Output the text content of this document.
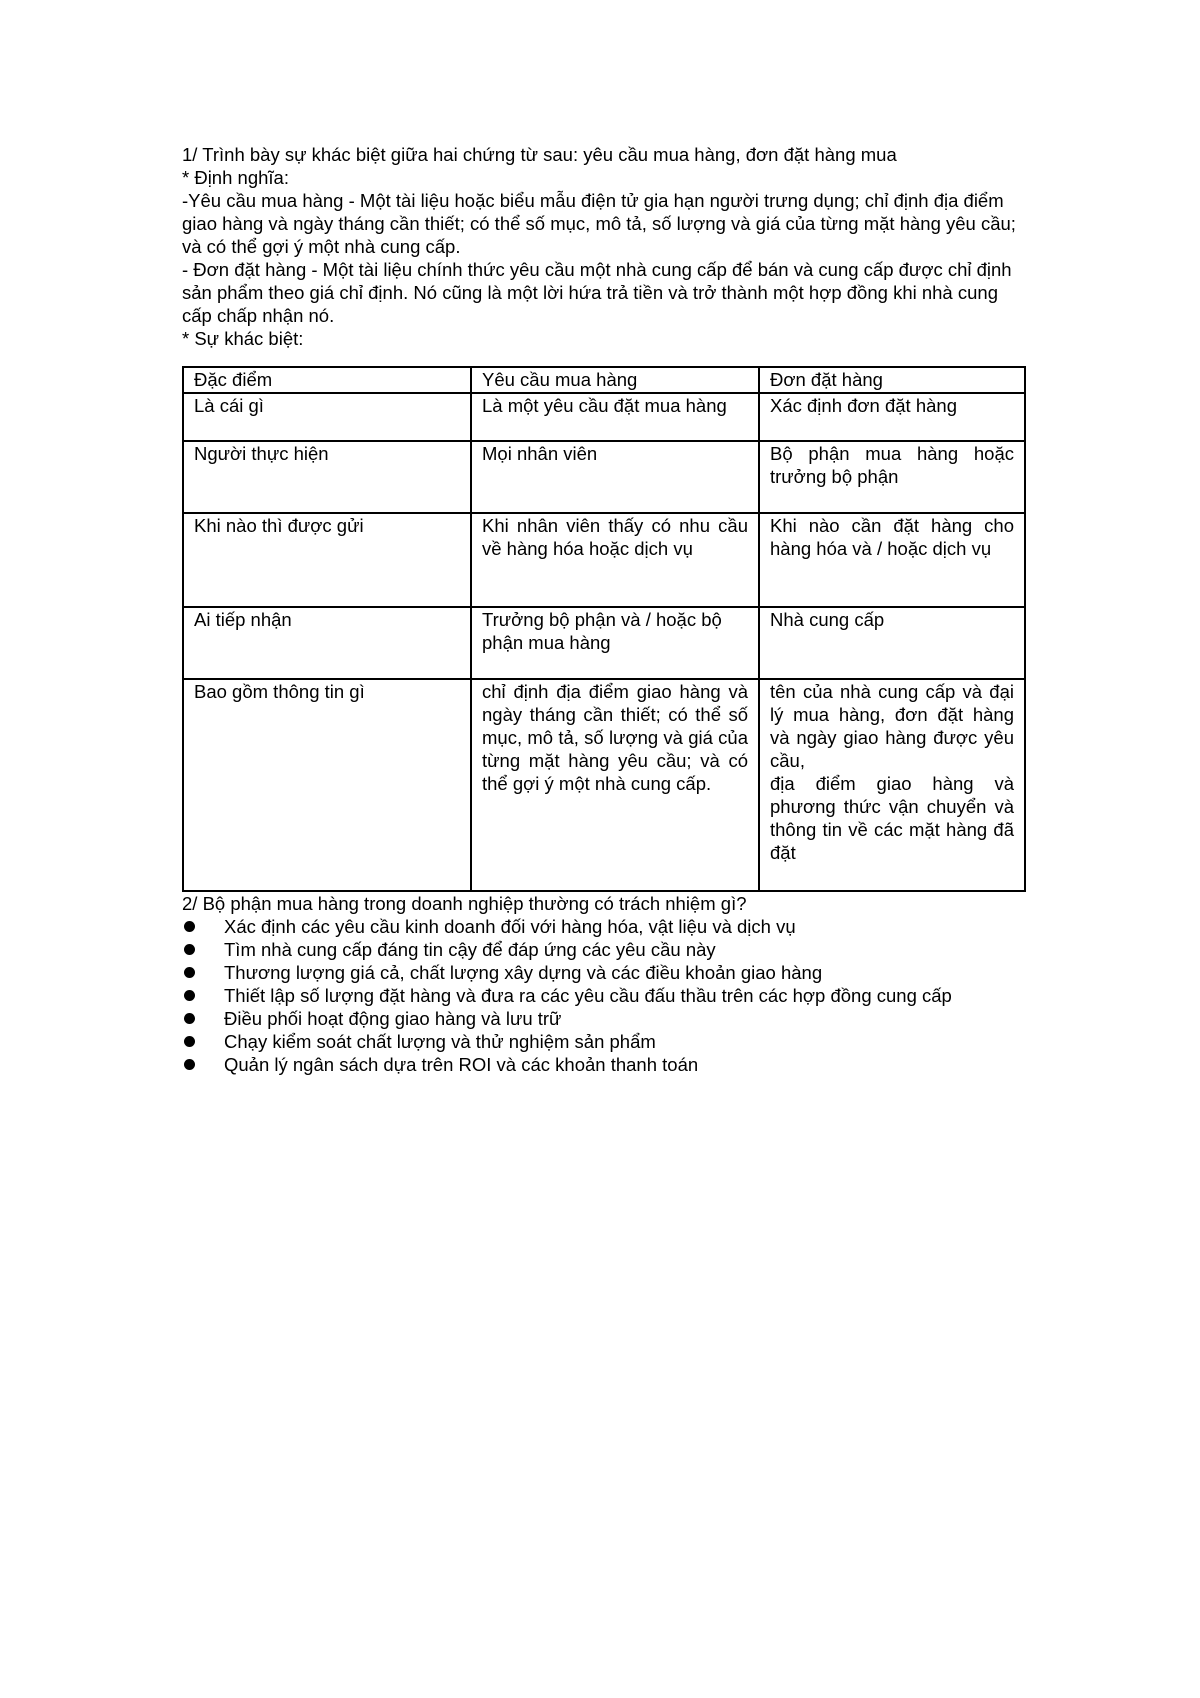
1/ Trình bày sự khác biệt giữa hai chứng từ sau: yêu cầu mua hàng, đơn đặt hàng mua

* Định nghĩa:

-Yêu cầu mua hàng - Một tài liệu hoặc biểu mẫu điện tử gia hạn người trưng dụng; chỉ định địa điểm giao hàng và ngày tháng cần thiết; có thể số mục, mô tả, số lượng và giá của từng mặt hàng yêu cầu; và có thể gợi ý một nhà cung cấp.

- Đơn đặt hàng - Một tài liệu chính thức yêu cầu một nhà cung cấp để bán và cung cấp được chỉ định sản phẩm theo giá chỉ định. Nó cũng là một lời hứa trả tiền và trở thành một hợp đồng khi nhà cung cấp chấp nhận nó.

* Sự khác biệt:

Đặc điểm	Yêu cầu mua hàng	Đơn đặt hàng
Là cái gì	Là một yêu cầu đặt mua hàng	Xác định đơn đặt hàng
Người thực hiện	Mọi nhân viên	Bộ phận mua hàng hoặc trưởng bộ phận
Khi nào thì được gửi	Khi nhân viên thấy có nhu cầu về hàng hóa hoặc dịch vụ	Khi nào cần đặt hàng cho hàng hóa và / hoặc dịch vụ
Ai tiếp nhận	Trưởng bộ phận và / hoặc bộ phận mua hàng	Nhà cung cấp
Bao gồm thông tin gì	chỉ định địa điểm giao hàng và ngày tháng cần thiết; có thể số mục, mô tả, số lượng và giá của từng mặt hàng yêu cầu; và có thể gợi ý một nhà cung cấp.	tên của nhà cung cấp và đại lý mua hàng, đơn đặt hàng và ngày giao hàng được yêu cầu,
địa điểm giao hàng và phương thức vận chuyển và thông tin về các mặt hàng đã đặt

2/ Bộ phận mua hàng trong doanh nghiệp thường có trách nhiệm gì?

Xác định các yêu cầu kinh doanh đối với hàng hóa, vật liệu và dịch vụ
Tìm nhà cung cấp đáng tin cậy để đáp ứng các yêu cầu này
Thương lượng giá cả, chất lượng xây dựng và các điều khoản giao hàng
Thiết lập số lượng đặt hàng và đưa ra các yêu cầu đấu thầu trên các hợp đồng cung cấp
Điều phối hoạt động giao hàng và lưu trữ
Chạy kiểm soát chất lượng và thử nghiệm sản phẩm
Quản lý ngân sách dựa trên ROI và các khoản thanh toán
